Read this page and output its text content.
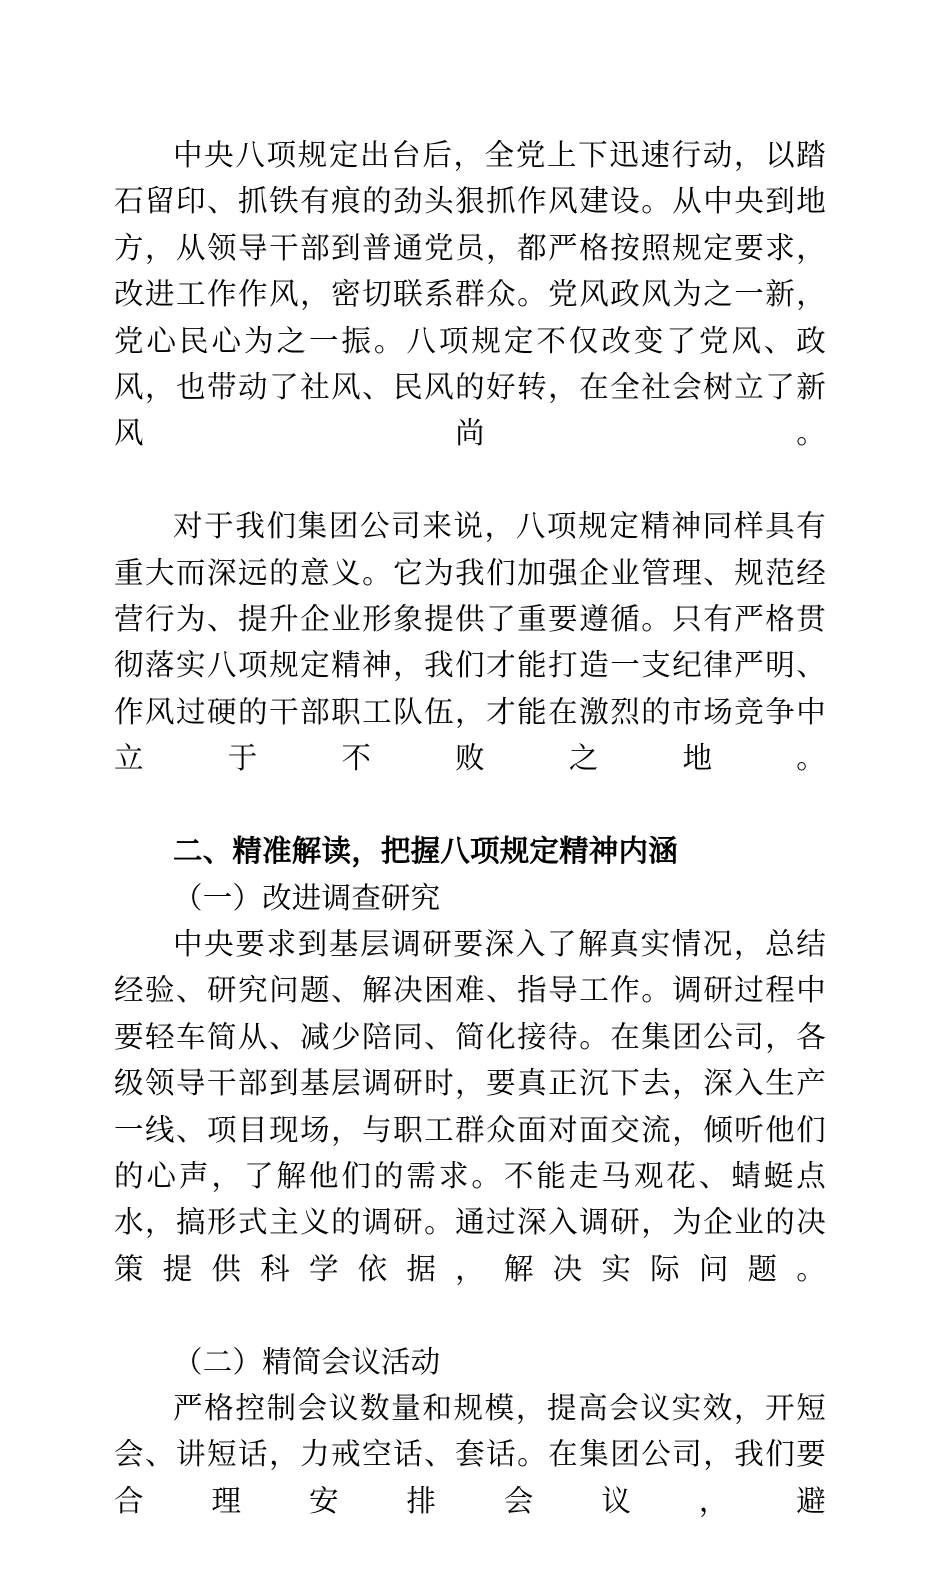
中央八项规定出台后，全党上下迅速行动，以踏石留印、抓铁有痕的劲头狠抓作风建设。从中央到地方，从领导干部到普通党员，都严格按照规定要求，改进工作作风，密切联系群众。党风政风为之一新，党心民心为之一振。八项规定不仅改变了党风、政风，也带动了社风、民风的好转，在全社会树立了新风尚。

对于我们集团公司来说，八项规定精神同样具有重大而深远的意义。它为我们加强企业管理、规范经营行为、提升企业形象提供了重要遵循。只有严格贯彻落实八项规定精神，我们才能打造一支纪律严明、作风过硬的干部职工队伍，才能在激烈的市场竞争中立于不败之地。

二、精准解读，把握八项规定精神内涵
（一）改进调查研究

中央要求到基层调研要深入了解真实情况，总结经验、研究问题、解决困难、指导工作。调研过程中要轻车简从、减少陪同、简化接待。在集团公司，各级领导干部到基层调研时，要真正沉下去，深入生产一线、项目现场，与职工群众面对面交流，倾听他们的心声，了解他们的需求。不能走马观花、蜻蜓点水，搞形式主义的调研。通过深入调研，为企业的决策提供科学依据，解决实际问题。

（二）精简会议活动

严格控制会议数量和规模，提高会议实效，开短会、讲短话，力戒空话、套话。在集团公司，我们要合理安排会议，避
